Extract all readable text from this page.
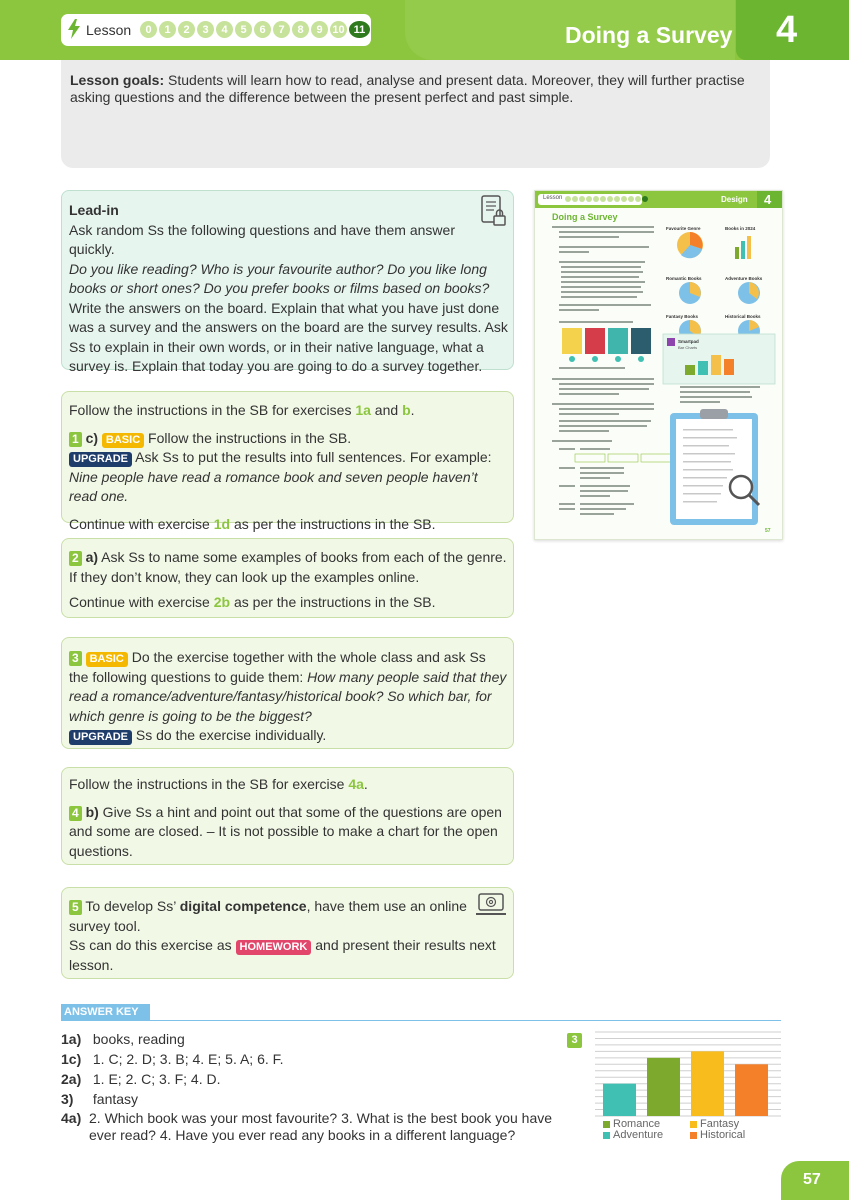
Lesson	0	1	2	3	4	5	6	7	8	9 10 11	Doing a Survey 4
Lesson goals: Students will learn how to read, analyse and present data. Moreover, they will further practise asking questions and the difference between the present perfect and past simple.
Lead-in
Ask random Ss the following questions and have them answer quickly.
Do you like reading? Who is your favourite author? Do you like long books or short ones? Do you prefer books or films based on books?
Write the answers on the board. Explain that what you have just done was a survey and the answers on the board are the survey results. Ask Ss to explain in their own words, or in their native language, what a survey is. Explain that today you are going to do a survey together.
Follow the instructions in the SB for exercises 1a and b.
1 c) BASIC Follow the instructions in the SB.
UPGRADE Ask Ss to put the results into full sentences. For example:
Nine people have read a romance book and seven people haven’t read one.
Continue with exercise 1d as per the instructions in the SB.
2 a) Ask Ss to name some examples of books from each of the genre. If they don’t know, they can look up the examples online.
Continue with exercise 2b as per the instructions in the SB.
3 BASIC Do the exercise together with the whole class and ask Ss the following questions to guide them: How many people said that they read a romance/adventure/fantasy/historical book? So which bar, for which genre is going to be the biggest?
UPGRADE Ss do the exercise individually.
Follow the instructions in the SB for exercise 4a.
4 b) Give Ss a hint and point out that some of the questions are open and some are closed. – It is not possible to make a chart for the open questions.
5 To develop Ss’ digital competence, have them use an online survey tool.
Ss can do this exercise as HOMEWORK and present their results next lesson.
Lesson	Design 4
Doing a Survey
Favourite Genre	Books in 2024
Romantic Books	Adventure Books
Fantasy Books	Historical Books
Smartpad
Bar Charts
57
ANSWER KEY
1a) books, reading
1c) 1. C; 2. D; 3. B; 4. E; 5. A; 6. F.
2a) 1. E; 2. C; 3. F; 4. D.
3) fantasy
4a) 2. Which book was your most favourite? 3. What is the best book you have ever read? 4. Have you ever read any books in a different language?
3
Romance	Fantasy
Adventure	Historical
57
